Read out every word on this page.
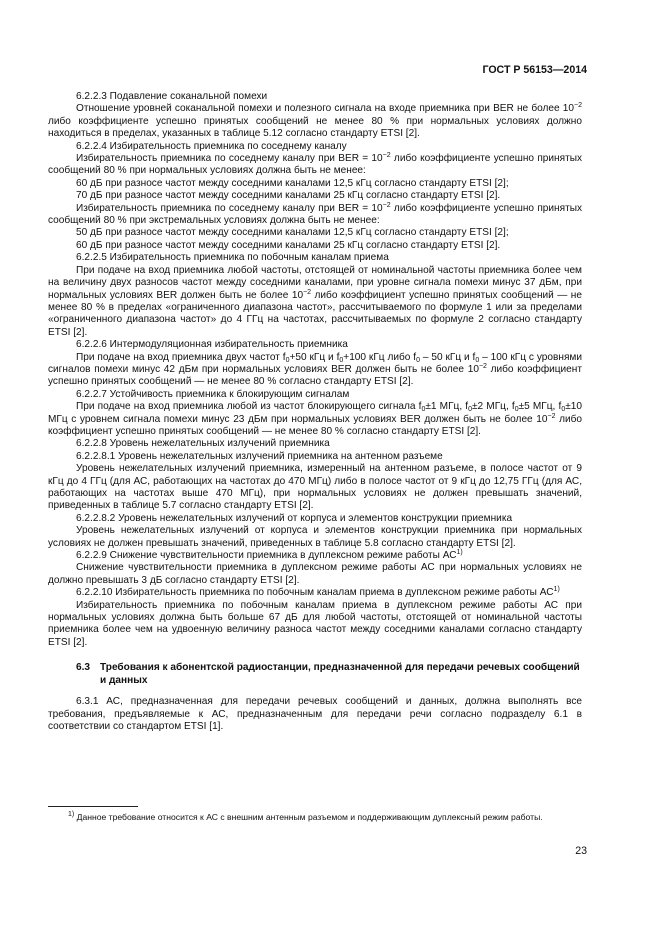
ГОСТ Р 56153—2014

6.2.2.3 Подавление соканальной помехи

Отношение уровней соканальной помехи и полезного сигнала на входе приемника при BER не более $10^{-2}$ либо коэффициенте успешно принятых сообщений не менее 80 % при нормальных условиях должно находиться в пределах, указанных в таблице 5.12 согласно стандарту ETSI [2].

6.2.2.4 Избирательность приемника по соседнему каналу

Избирательность приемника по соседнему каналу при BER = $10^{-2}$ либо коэффициенте успешно принятых сообщений 80 % при нормальных условиях должна быть не менее:

60 дБ при разносе частот между соседними каналами 12,5 кГц согласно стандарту ETSI [2];

70 дБ при разносе частот между соседними каналами 25 кГц согласно стандарту ETSI [2].

Избирательность приемника по соседнему каналу при BER = $10^{-2}$ либо коэффициенте успешно принятых сообщений 80 % при экстремальных условиях должна быть не менее:

50 дБ при разносе частот между соседними каналами 12,5 кГц согласно стандарту ETSI [2];

60 дБ при разносе частот между соседними каналами 25 кГц согласно стандарту ETSI [2].

6.2.2.5 Избирательность приемника по побочным каналам приема

При подаче на вход приемника любой частоты, отстоящей от номинальной частоты приемника более чем на величину двух разносов частот между соседними каналами, при уровне сигнала помехи минус 37 дБм, при нормальных условиях BER должен быть не более $10^{-2}$ либо коэффициент успешно принятых сообщений — не менее 80 % в пределах «ограниченного диапазона частот», рассчитываемого по формуле 1 или за пределами «ограниченного диапазона частот» до 4 ГГц на частотах, рассчитываемых по формуле 2 согласно стандарту ETSI [2].

6.2.2.6 Интермодуляционная избирательность приемника

При подаче на вход приемника двух частот $f_0+50$ кГц и $f_0+100$ кГц либо $f_0 - 50$ кГц и $f_0 - 100$ кГц с уровнями сигналов помехи минус 42 дБм при нормальных условиях BER должен быть не более $10^{-2}$ либо коэффициент успешно принятых сообщений — не менее 80 % согласно стандарту ETSI [2].

6.2.2.7 Устойчивость приемника к блокирующим сигналам

При подаче на вход приемника любой из частот блокирующего сигнала $f_0\pm 1$ МГц, $f_0\pm 2$ МГц, $f_0\pm 5$ МГц, $f_0\pm 10$ МГц с уровнем сигнала помехи минус 23 дБм при нормальных условиях BER должен быть не более $10^{-2}$ либо коэффициент успешно принятых сообщений — не менее 80 % согласно стандарту ETSI [2].

6.2.2.8 Уровень нежелательных излучений приемника

6.2.2.8.1 Уровень нежелательных излучений приемника на антенном разъеме

Уровень нежелательных излучений приемника, измеренный на антенном разъеме, в полосе частот от 9 кГц до 4 ГГц (для АС, работающих на частотах до 470 МГц) либо в полосе частот от 9 кГц до 12,75 ГГц (для АС, работающих на частотах выше 470 МГц), при нормальных условиях не должен превышать значений, приведенных в таблице 5.7 согласно стандарту ETSI [2].

6.2.2.8.2 Уровень нежелательных излучений от корпуса и элементов конструкции приемника

Уровень нежелательных излучений от корпуса и элементов конструкции приемника при нормальных условиях не должен превышать значений, приведенных в таблице 5.8 согласно стандарту ETSI [2].

6.2.2.9 Снижение чувствительности приемника в дуплексном режиме работы АС$^{1)}$

Снижение чувствительности приемника в дуплексном режиме работы АС при нормальных условиях не должно превышать 3 дБ согласно стандарту ETSI [2].

6.2.2.10 Избирательность приемника по побочным каналам приема в дуплексном режиме работы АС$^{1)}$

Избирательность приемника по побочным каналам приема в дуплексном режиме работы АС при нормальных условиях должна быть больше 67 дБ для любой частоты, отстоящей от номинальной частоты приемника более чем на удвоенную величину разноса частот между соседними каналами согласно стандарту ETSI [2].

6.3 Требования к абонентской радиостанции, предназначенной для передачи речевых сообщений и данных

6.3.1 АС, предназначенная для передачи речевых сообщений и данных, должна выполнять все требования, предъявляемые к АС, предназначенным для передачи речи согласно подразделу 6.1 в соответствии со стандартом ETSI [1].

$^{1)}$ Данное требование относится к АС с внешним антенным разъемом и поддерживающим дуплексный режим работы.

23
